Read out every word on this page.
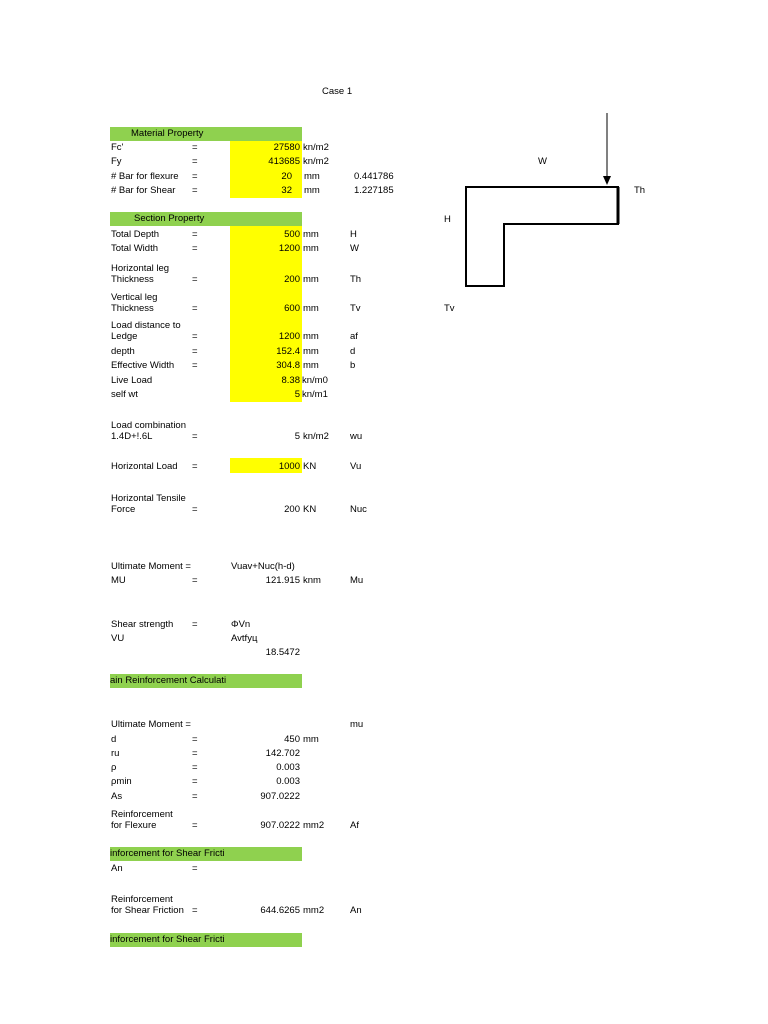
Case 1
Material Property
Fc'	=	27580 kn/m2
Fy	=	413685 kn/m2
# Bar for flexure =	20 mm	0.441786
# Bar for Shear =	32 mm	1.227185
Section Property
Total Depth	=	500 mm	H
Total Width	=	1200 mm	W
Horizontal leg
Thickness	=	200 mm	Th
Vertical leg
Thickness	=	600 mm	Tv
Load distance to
Ledge	=	1200 mm	af
depth	=	152.4 mm	d
Effective Width =	304.8 mm	b
Live Load	8.38 kn/m0
self wt	5 kn/m1
Load combination
1.4D+!.6L	=	5 kn/m2 wu
Horizontal Load =	1000 KN	Vu
Horizontal Tensile
Force	=	200 KN	Nuc
Ultimate Moment =	Vuav+Nuc(h-d)
MU	=	121.915 knm	Mu
Shear strength =	ΦVn
VU	Avtfyц
18.5472
ain Reinforcement Calculati
Ultimate Moment =	mu
d	=	450 mm
ru	=	142.702
ρ	=	0.003
ρmin	=	0.003
As	=	907.0222
Reinforcement
for Flexure	=	907.0222 mm2	Af
inforcement for Shear Fricti
An	=
Reinforcement
for Shear Friction =	644.6265 mm2	An
inforcement for Shear Fricti
W
H
Th
Tv
